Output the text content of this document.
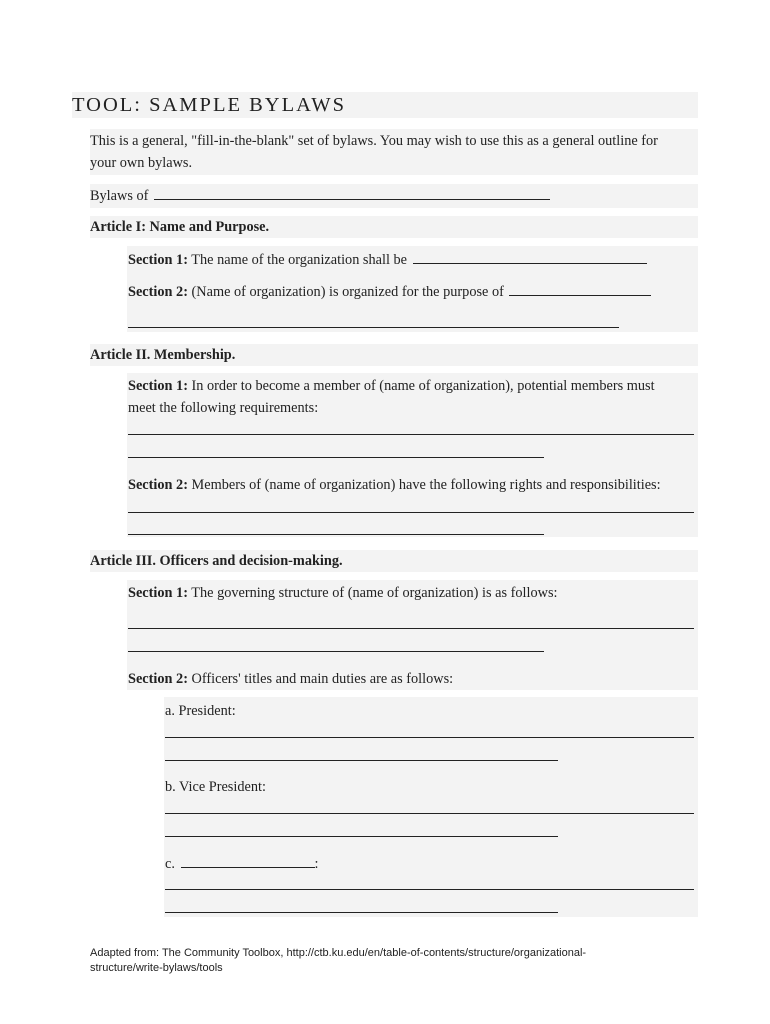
TOOL: SAMPLE BYLAWS
This is a general, "fill-in-the-blank" set of bylaws. You may wish to use this as a general outline for
your own bylaws.
Bylaws of
Article I: Name and Purpose.
Section 1: The name of the organization shall be
Section 2: (Name of organization) is organized for the purpose of
Article II. Membership.
Section 1: In order to become a member of (name of organization), potential members must
meet the following requirements:
Section 2: Members of (name of organization) have the following rights and responsibilities:
Article III. Officers and decision-making.
Section 1: The governing structure of (name of organization) is as follows:
Section 2: Officers' titles and main duties are as follows:
a. President:
b. Vice President:
c.	:
Adapted from: The Community Toolbox, http://ctb.ku.edu/en/table-of-contents/structure/organizational-
structure/write-bylaws/tools
